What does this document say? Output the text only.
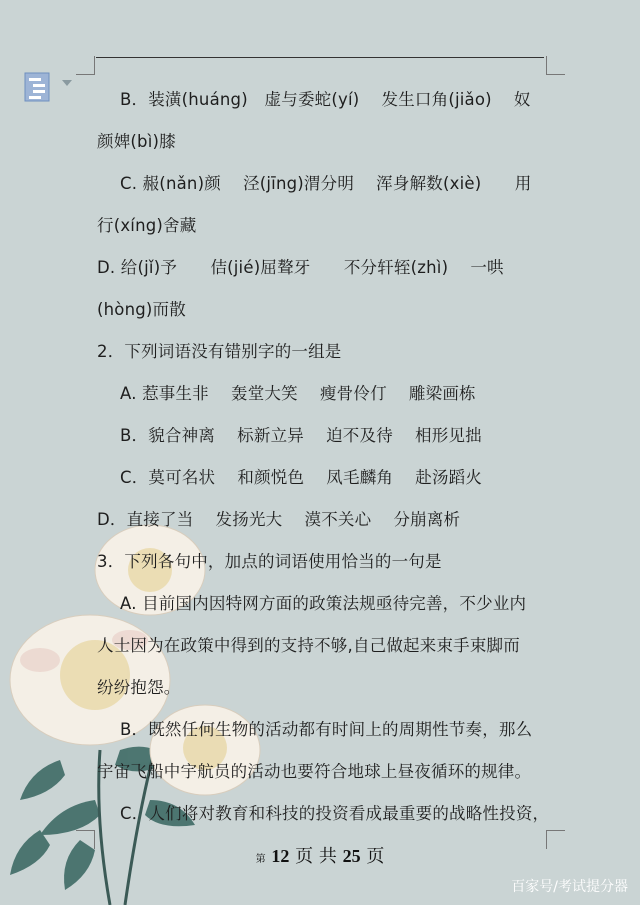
B．装潢(huáng)　虚与委蛇(yí)　 发生口角(jiǎo)　 奴
颜婢(bì)膝
C. 赧(nǎn)颜　 泾(jīng)渭分明　 浑身解数(xiè)　　用
行(xíng)舍藏
D. 给(jǐ)予　　佶(jié)屈聱牙　　不分轩轾(zhì)　 一哄
(hòng)而散
2．下列词语没有错别字的一组是
A. 惹事生非　 轰堂大笑　 瘦骨伶仃　 雕梁画栋
B．貌合神离　 标新立异　 迫不及待　 相形见拙
C．莫可名状　 和颜悦色　 凤毛麟角　 赴汤蹈火
D．直接了当　 发扬光大　 漠不关心　 分崩离析
3．下列各句中，加点的词语使用恰当的一句是
A. 目前国内因特网方面的政策法规亟待完善，不少业内
人士因为在政策中得到的支持不够,自己做起来束手束脚而
纷纷抱怨。
B．既然任何生物的活动都有时间上的周期性节奏，那么
宇宙飞船中宇航员的活动也要符合地球上昼夜循环的规律。
C．人们将对教育和科技的投资看成最重要的战略性投资，
第 12 页 共 25 页
百家号/考试提分器
